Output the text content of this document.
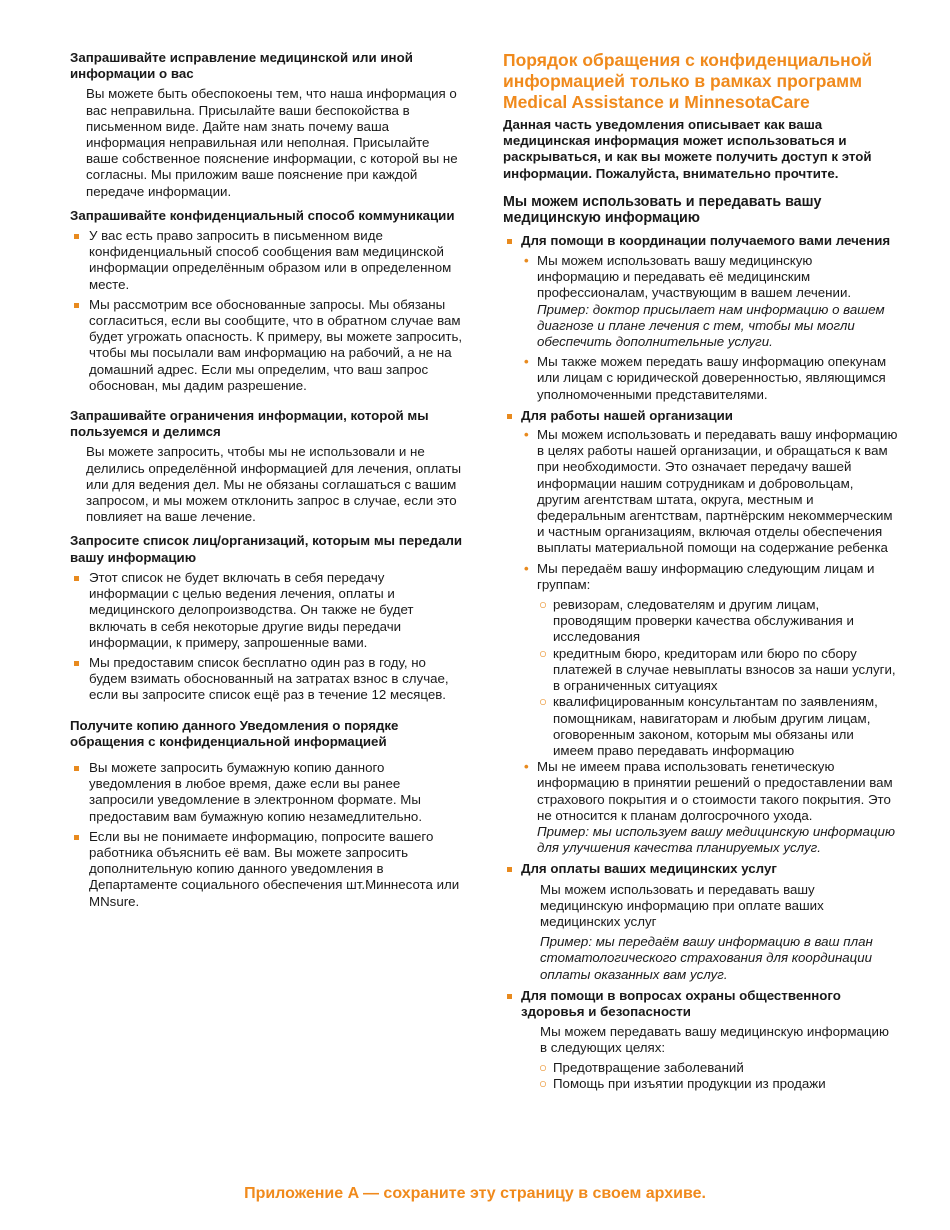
Запрашивайте исправление медицинской или иной информации о вас

Вы можете быть обеспокоены тем, что наша информация о вас неправильна. Присылайте ваши беспокойства в письменном виде. Дайте нам знать почему ваша информация неправильная или неполная. Присылайте ваше собственное пояснение информации, с которой вы не согласны. Мы приложим ваше пояснение при каждой передаче информации.

Запрашивайте конфиденциальный способ коммуникации
У вас есть право запросить в письменном виде конфиденциальный способ сообщения вам медицинской информации определённым образом или в определенном месте.
Мы рассмотрим все обоснованные запросы. Мы обязаны согласиться, если вы сообщите, что в обратном случае вам будет угрожать опасность. К примеру, вы можете запросить, чтобы мы посылали вам информацию на рабочий, а не на домашний адрес. Если мы определим, что ваш запрос обоснован, мы дадим разрешение.
Запрашивайте ограничения информации, которой мы пользуемся и делимся

Вы можете запросить, чтобы мы не использовали и не делились определённой информацией для лечения, оплаты или для ведения дел. Мы не обязаны соглашаться с вашим запросом, и мы можем отклонить запрос в случае, если это повлияет на ваше лечение.

Запросите список лиц/организаций, которым мы передали вашу информацию
Этот список не будет включать в себя передачу информации с целью ведения лечения, оплаты и медицинского делопроизводства. Он также не будет включать в себя некоторые другие виды передачи информации, к примеру, запрошенные вами.
Мы предоставим список бесплатно один раз в году, но будем взимать обоснованный на затратах взнос в случае, если вы запросите список ещё раз в течение 12 месяцев.
Получите копию данного Уведомления о порядке обращения с конфиденциальной информацией
Вы можете запросить бумажную копию данного уведомления в любое время, даже если вы ранее запросили уведомление в электронном формате. Мы предоставим вам бумажную копию незамедлительно.
Если вы не понимаете информацию, попросите вашего работника объяснить её вам. Вы можете запросить дополнительную копию данного уведомления в Департаменте социального обеспечения шт.Миннесота или MNsure.
Порядок обращения с конфиденциальной информацией только в рамках программ Medical Assistance и MinnesotaCare

Данная часть уведомления описывает как ваша медицинская информация может использоваться и раскрываться, и как вы можете получить доступ к этой информации. Пожалуйста, внимательно прочтите.

Мы можем использовать и передавать вашу медицинскую информацию
Для помощи в координации получаемого вами лечения
• Мы можем использовать вашу медицинскую информацию и передавать её медицинским профессионалам, участвующим в вашем лечении.
Пример: доктор присылает нам информацию о вашем диагнозе и плане лечения с тем, чтобы мы могли обеспечить дополнительные услуги.
• Мы также можем передать вашу информацию опекунам или лицам с юридической доверенностью, являющимся уполномоченными представителями.
Для работы нашей организации
• Мы можем использовать и передавать вашу информацию в целях работы нашей организации, и обращаться к вам при необходимости. Это означает передачу вашей информации нашим сотрудникам и добровольцам, другим агентствам штата, округа, местным и федеральным агентствам, партнёрским некоммерческим и частным организациям, включая отделы обеспечения выплаты материальной помощи на содержание ребенка
• Мы передаём вашу информацию следующим лицам и группам:
○ ревизорам, следователям и другим лицам, проводящим проверки качества обслуживания и исследования
○ кредитным бюро, кредиторам или бюро по сбору платежей в случае невыплаты взносов за наши услуги, в ограниченных ситуациях
○ квалифицированным консультантам по заявлениям, помощникам, навигаторам и любым другим лицам, оговоренным законом, которым мы обязаны или имеем право передавать информацию
• Мы не имеем права использовать генетическую информацию в принятии решений о предоставлении вам страхового покрытия и о стоимости такого покрытия. Это не относится к планам долгосрочного ухода.
Пример: мы используем вашу медицинскую информацию для улучшения качества планируемых услуг.
Для оплаты ваших медицинских услуг

Мы можем использовать и передавать вашу медицинскую информацию при оплате ваших медицинских услуг

Пример: мы передаём вашу информацию в ваш план стоматологического страхования для координации оплаты оказанных вам услуг.

Для помощи в вопросах охраны общественного здоровья и безопасности

Мы можем передавать вашу медицинскую информацию в следующих целях:

○ Предотвращение заболеваний
○ Помощь при изъятии продукции из продажи
Приложение A — сохраните эту страницу в своем архиве.
